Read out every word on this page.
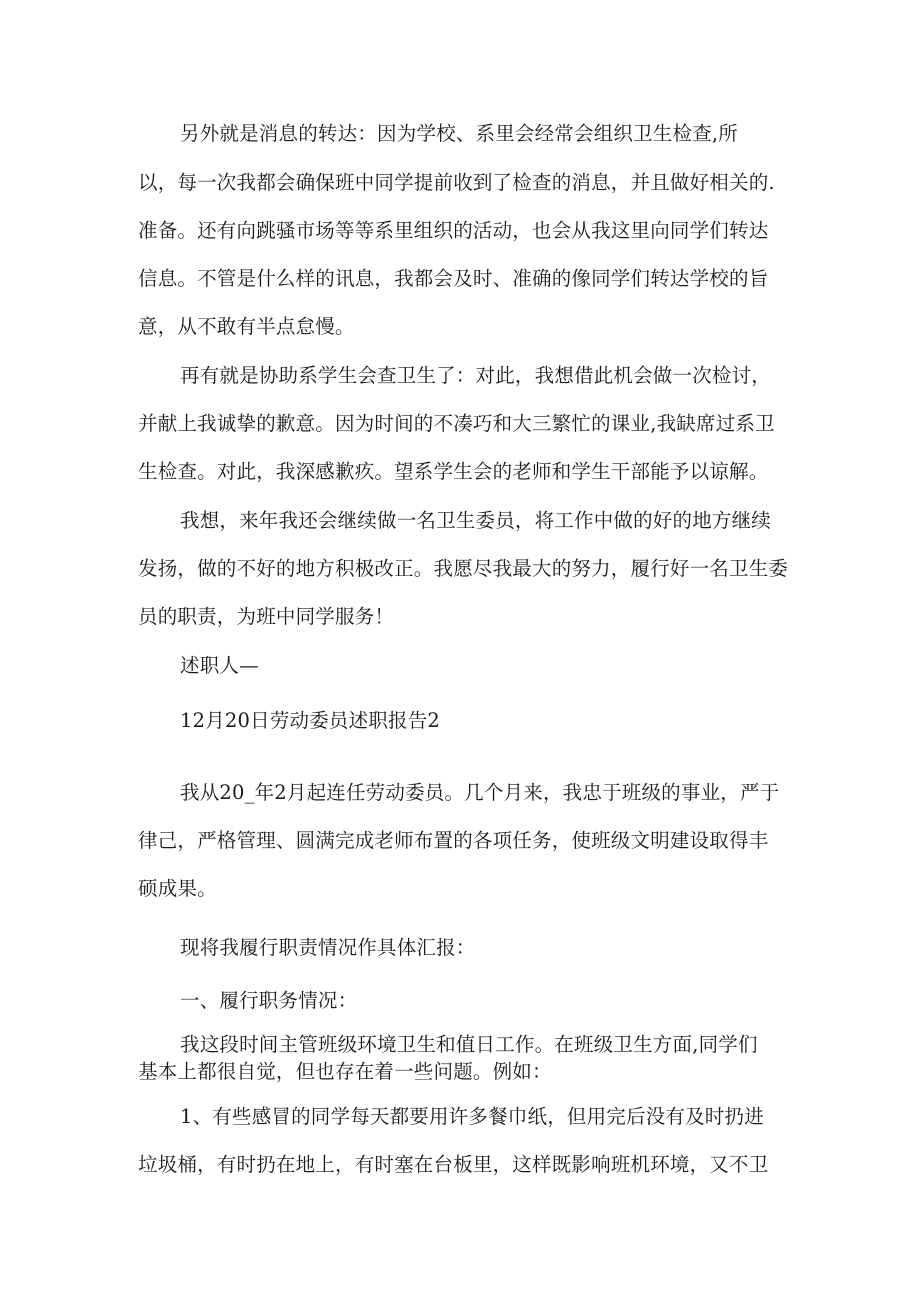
另外就是消息的转达：因为学校、系里会经常会组织卫生检查,所
以，每一次我都会确保班中同学提前收到了检查的消息，并且做好相关的.
准备。还有向跳骚市场等等系里组织的活动，也会从我这里向同学们转达
信息。不管是什么样的讯息，我都会及时、准确的像同学们转达学校的旨
意，从不敢有半点怠慢。
再有就是协助系学生会查卫生了：对此，我想借此机会做一次检讨，
并献上我诚挚的歉意。因为时间的不凑巧和大三繁忙的课业,我缺席过系卫
生检查。对此，我深感歉疚。望系学生会的老师和学生干部能予以谅解。
我想，来年我还会继续做一名卫生委员，将工作中做的好的地方继续
发扬，做的不好的地方积极改正。我愿尽我最大的努力，履行好一名卫生委
员的职责，为班中同学服务！
述职人—
12月20日劳动委员述职报告2
我从20_年2月起连任劳动委员。几个月来，我忠于班级的事业，严于
律己，严格管理、圆满完成老师布置的各项任务，使班级文明建设取得丰
硕成果。
现将我履行职责情况作具体汇报：
一、履行职务情况：
我这段时间主管班级环境卫生和值日工作。在班级卫生方面,同学们
基本上都很自觉，但也存在着一些问题。例如：
1、有些感冒的同学每天都要用许多餐巾纸，但用完后没有及时扔进
垃圾桶，有时扔在地上，有时塞在台板里，这样既影响班机环境，又不卫
